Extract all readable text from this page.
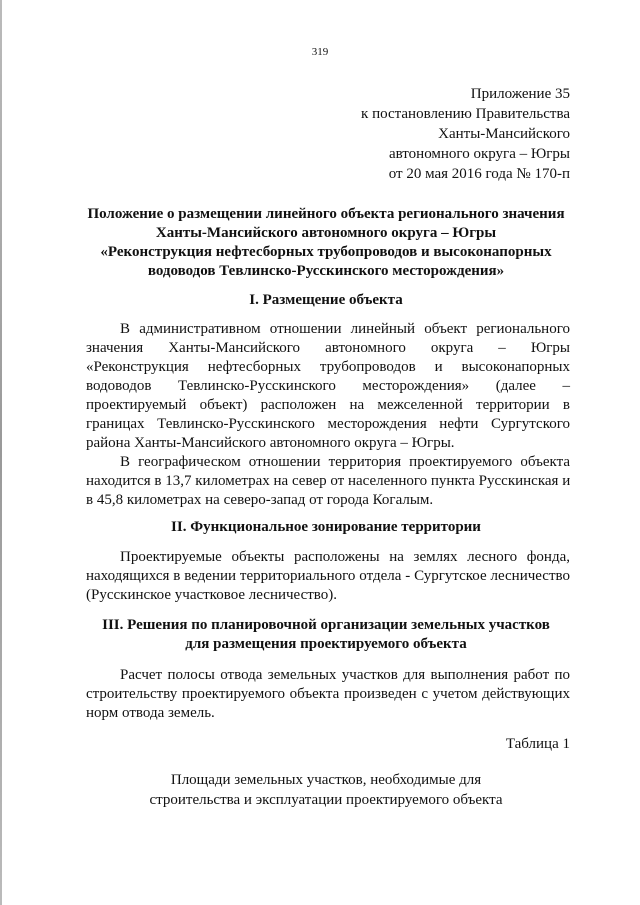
319
Приложение 35
к постановлению Правительства
Ханты-Мансийского
автономного округа – Югры
от 20 мая 2016 года № 170-п
Положение о размещении линейного объекта регионального значения
Ханты-Мансийского автономного округа – Югры
«Реконструкция нефтесборных трубопроводов и высоконапорных
водоводов Тевлинско-Русскинского месторождения»
I. Размещение объекта
В административном отношении линейный объект регионального
значения Ханты-Мансийского автономного округа – Югры
«Реконструкция нефтесборных трубопроводов и высоконапорных
водоводов Тевлинско-Русскинского месторождения» (далее –
проектируемый объект) расположен на межселенной территории в
границах Тевлинско-Русскинского месторождения нефти Сургутского
района Ханты-Мансийского автономного округа – Югры.
В географическом отношении территория проектируемого объекта
находится в 13,7 километрах на север от населенного пункта Русскинская и
в 45,8 километрах на северо-запад от города Когалым.
II. Функциональное зонирование территории
Проектируемые объекты расположены на землях лесного фонда,
находящихся в ведении территориального отдела - Сургутское лесничество
(Русскинское участковое лесничество).
III. Решения по планировочной организации земельных участков
для размещения проектируемого объекта
Расчет полосы отвода земельных участков для выполнения работ по
строительству проектируемого объекта произведен с учетом действующих
норм отвода земель.
Таблица 1
Площади земельных участков, необходимые для
строительства и эксплуатации проектируемого объекта
